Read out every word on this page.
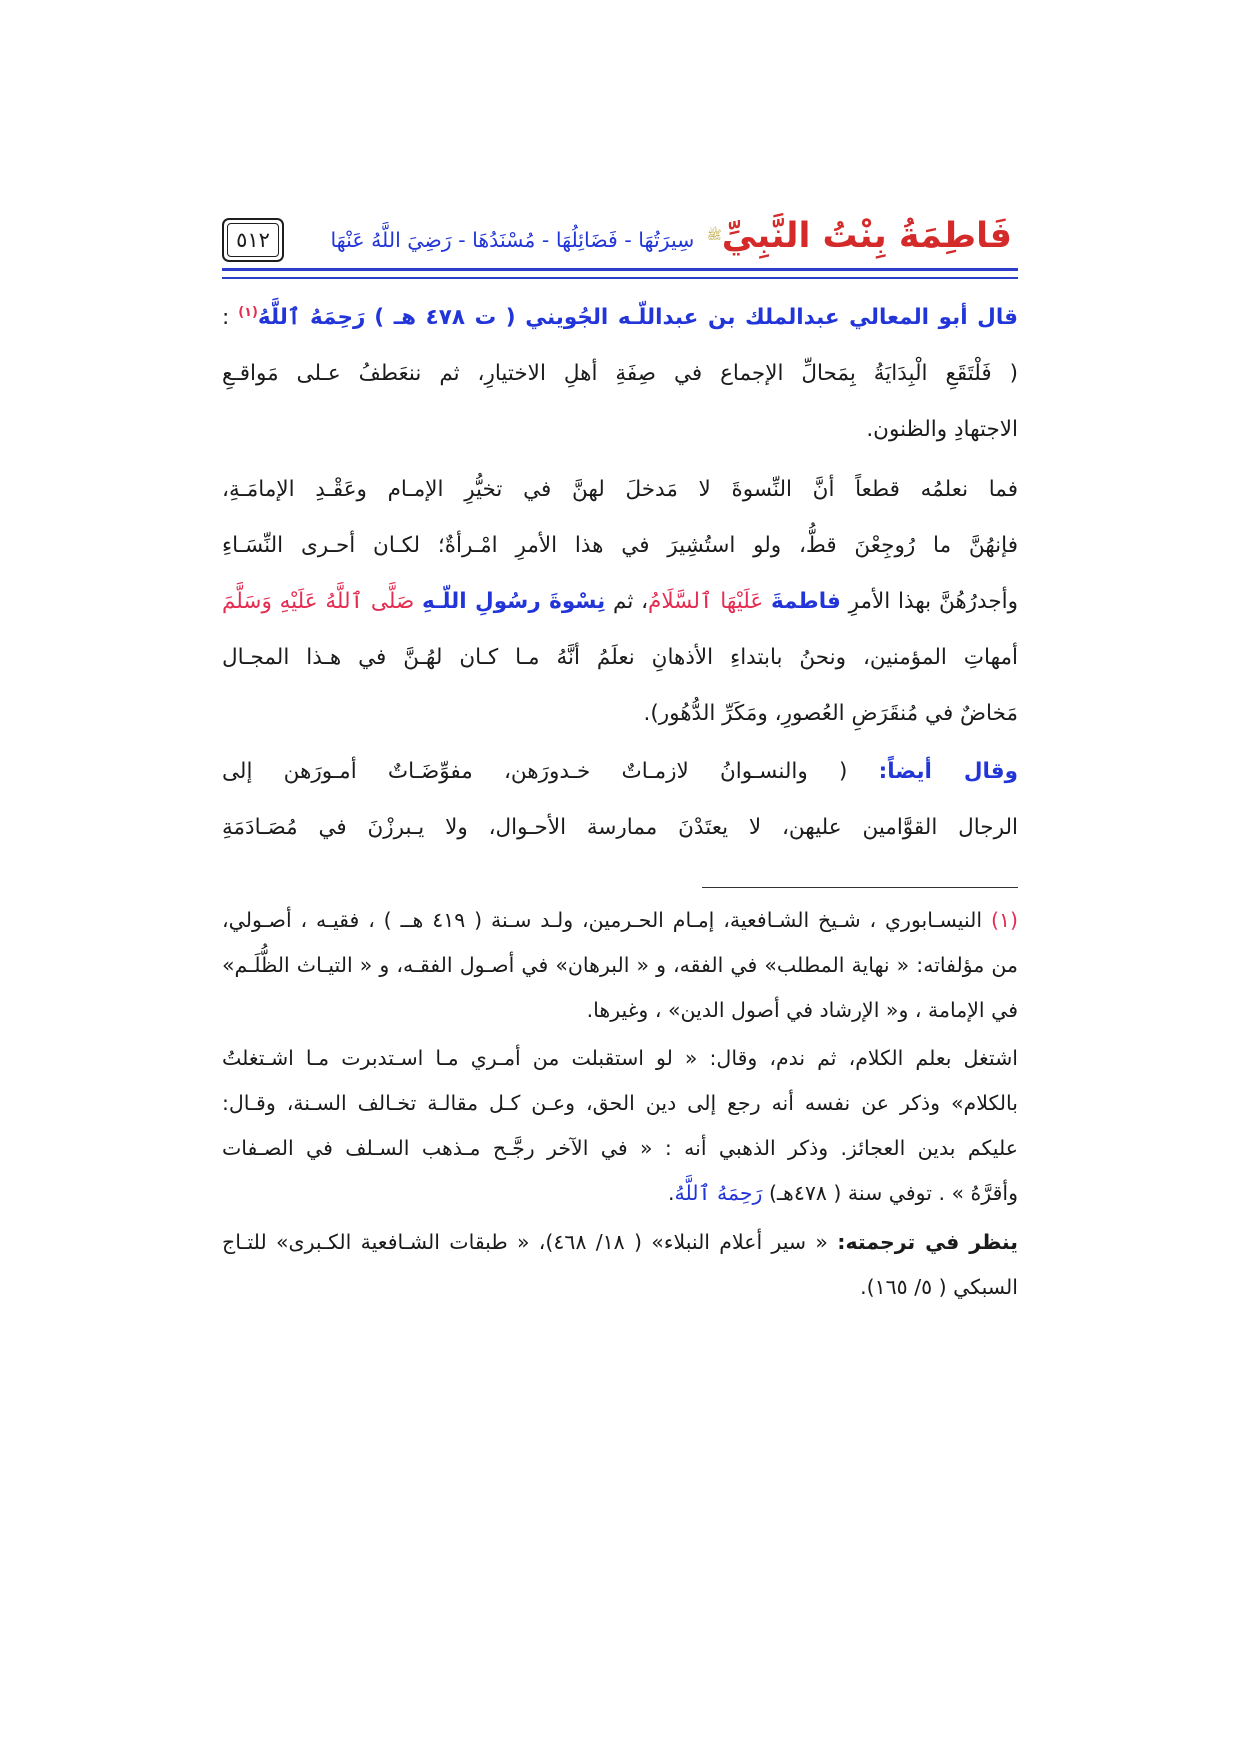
٥١٢	فَاطِمَةُ بِنْتُ النَّبِيِّ$^ﷺ$ سِيرَتُهَا - فَضَائِلُهَا - مُسْنَدُهَا - رَضِيَ اللَّهُ عَنْهَا
قال أبو المعالي عبدالملك بن عبداللّـه الجُويني ( ت ٤٧٨ هـ ) رَحِمَهُ ٱللَّهُ$^{(١)}$ :
( فَلْتَقَعِ الْبِدَايَةُ بِمَحالِّ الإجماع في صِفَةِ أهلِ الاختيارِ، ثم ننعَطفُ عـلى مَواقـعِ
الاجتهادِ والظنون.
فما نعلمُه قطعاً أنَّ النِّسوةَ لا مَدخلَ لهنَّ في تخيُّرِ الإمـام وعَقْـدِ الإمامَـةِ،
فإنهُنَّ ما رُوجِعْنَ قطُّ، ولو استُشِيرَ في هذا الأمرِ امْـرأةٌ؛ لكـان أحـرى النِّسَـاءِ
وأجدرُهُنَّ بهذا الأمرِ فاطمةَ عَلَيْهَا ٱلسَّلَامُ، ثم نِسْوةَ رسُولِ اللّـهِ صَلَّى ٱللَّهُ عَلَيْهِ وَسَلَّمَ
أمهاتِ المؤمنين، ونحنُ بابتداءِ الأذهانِ نعلَمُ أنَّهُ مـا كـان لهُـنَّ في هـذا المجـال
مَخاضٌ في مُنقَرَضِ العُصورِ، ومَكَرِّ الدُّهُور).
وقال أيضاً: ( والنسـوانُ لازمـاتٌ خـدورَهن، مفوِّضَـاتٌ أمـورَهن إلى
الرجال القوَّامين عليهن، لا يعتَدْنَ ممارسة الأحـوال، ولا يـبرزْنَ في مُصَـادَمَةِ
(١) النيسـابوري ، شـيخ الشـافعية، إمـام الحـرمين، ولـد سـنة ( ٤١٩ هــ ) ، فقيـه ، أصـولي،
من مؤلفاته: « نهاية المطلب» في الفقه، و « البرهان» في أصـول الفقـه، و « التيـاث الظُّلَـم»
في الإمامة ، و« الإرشاد في أصول الدين» ، وغيرها.
اشتغل بعلم الكلام، ثم ندم، وقال: « لو استقبلت من أمـري مـا اسـتدبرت مـا اشـتغلتُ
بالكلام» وذكر عن نفسه أنه رجع إلى دين الحق، وعـن كـل مقالـة تخـالف السـنة، وقـال:
عليكم بدين العجائز. وذكر الذهبي أنه : « في الآخر رجَّـح مـذهب السـلف في الصـفات
وأقرَّهُ » . توفي سنة ( ٤٧٨هـ) رَحِمَهُ ٱللَّهُ.
ينظر في ترجمته: « سير أعلام النبلاء» ( ١٨/ ٤٦٨)، « طبقات الشـافعية الكـبرى» للتـاج
السبكي ( ٥/ ١٦٥).
